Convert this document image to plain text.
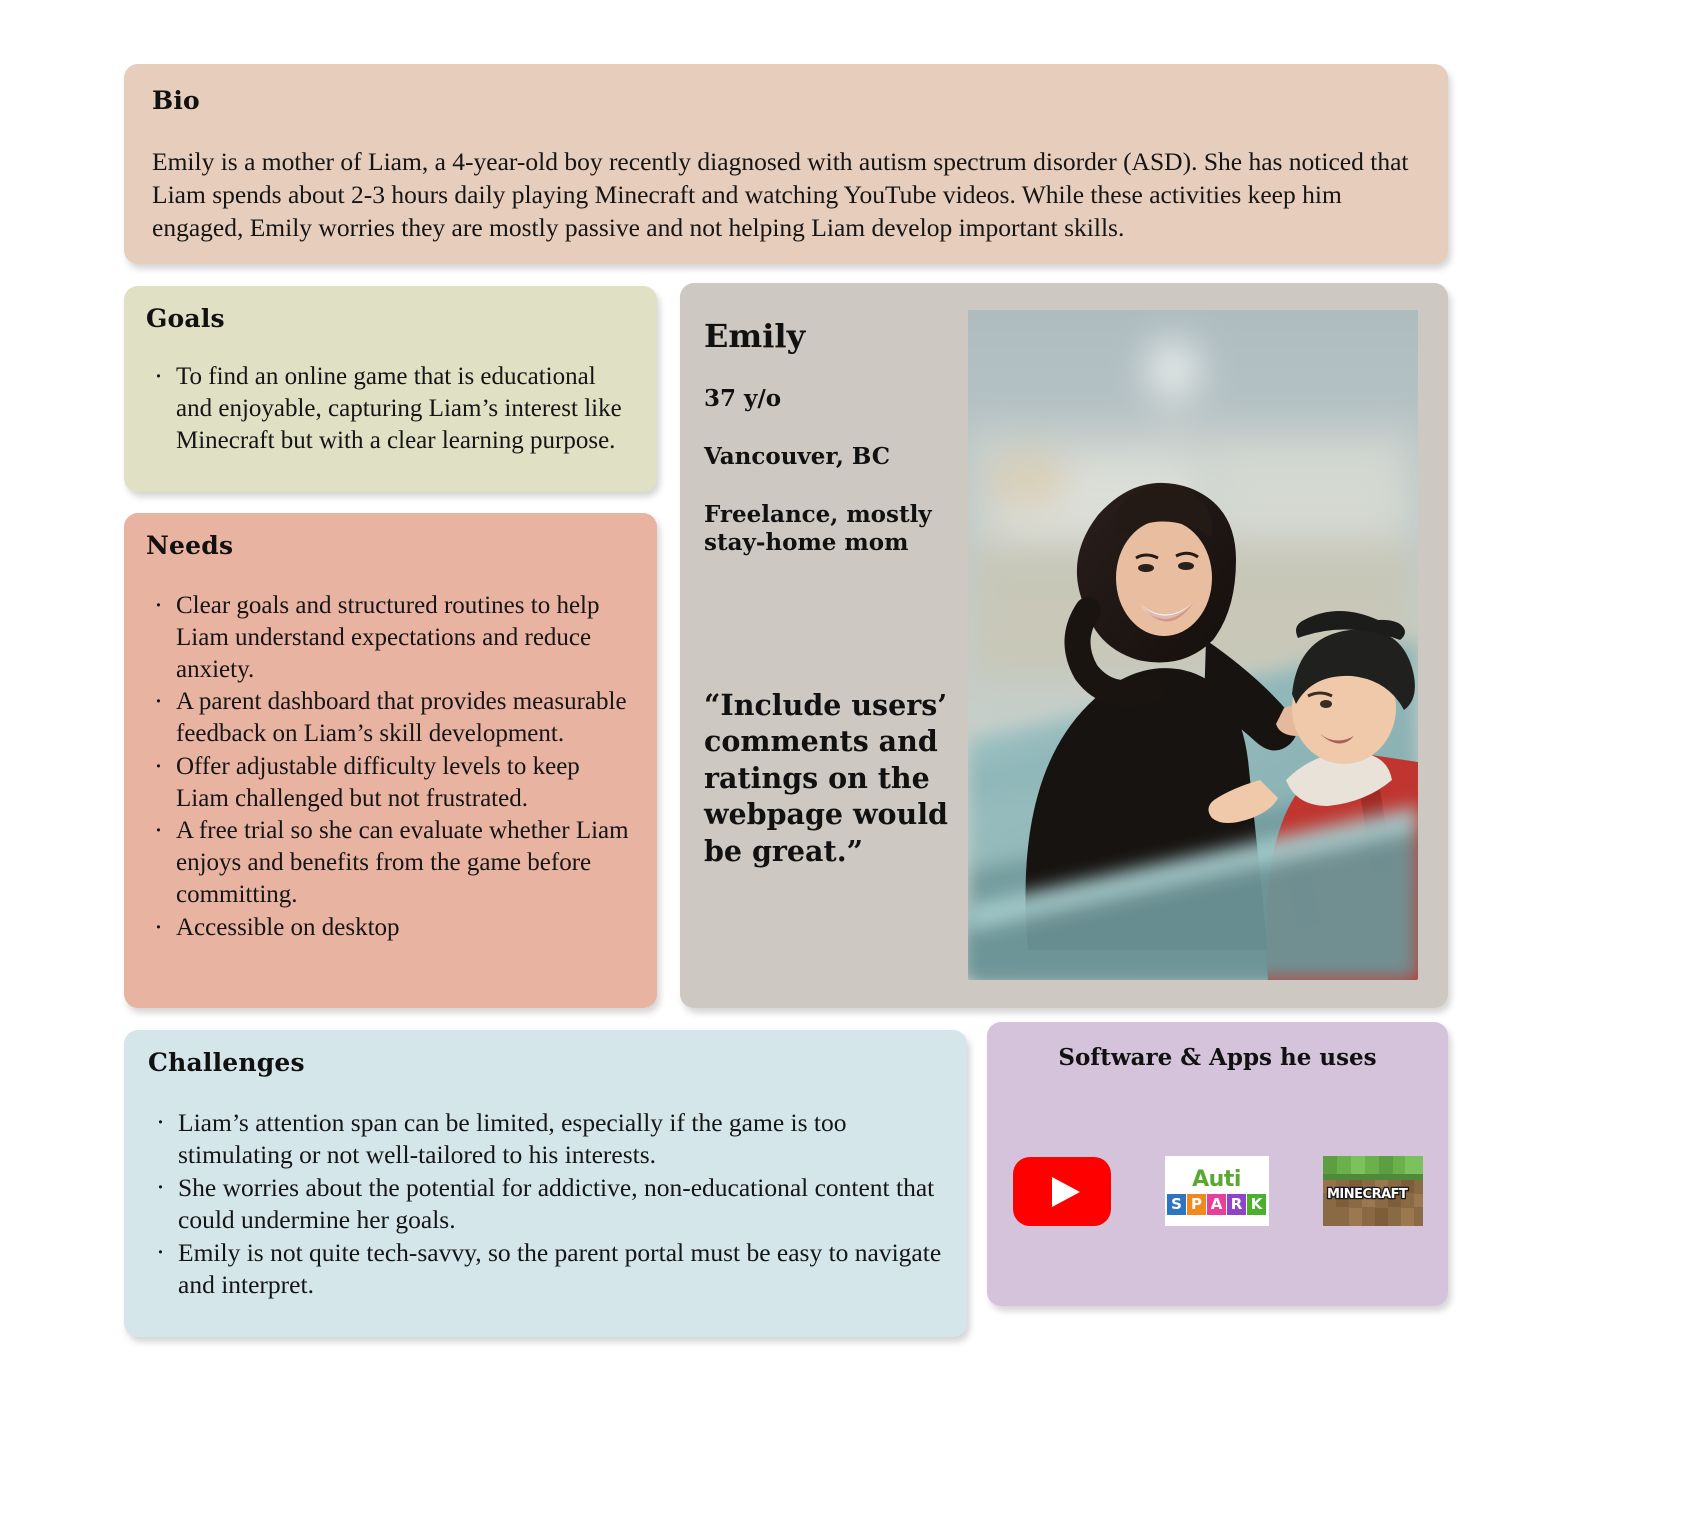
Bio
Emily is a mother of Liam, a 4-year-old boy recently diagnosed with autism spectrum disorder (ASD). She has noticed that Liam spends about 2-3 hours daily playing Minecraft and watching YouTube videos. While these activities keep him engaged, Emily worries they are mostly passive and not helping Liam develop important skills.
Goals
· To find an online game that is educational and enjoyable, capturing Liam’s interest like Minecraft but with a clear learning purpose.
Needs
· Clear goals and structured routines to help Liam understand expectations and reduce anxiety.
· A parent dashboard that provides measurable feedback on Liam’s skill development.
· Offer adjustable difficulty levels to keep Liam challenged but not frustrated.
· A free trial so she can evaluate whether Liam enjoys and benefits from the game before committing.
· Accessible on desktop
Emily
37 y/o
Vancouver, BC
Freelance, mostly stay-home mom
“Include users’ comments and ratings on the webpage would be great.”
Challenges
· Liam’s attention span can be limited, especially if the game is too stimulating or not well-tailored to his interests.
· She worries about the potential for addictive, non-educational content that could undermine her goals.
· Emily is not quite tech-savvy, so the parent portal must be easy to navigate and interpret.
Software & Apps he uses
Auti
S P A R K
MINECRAFT
